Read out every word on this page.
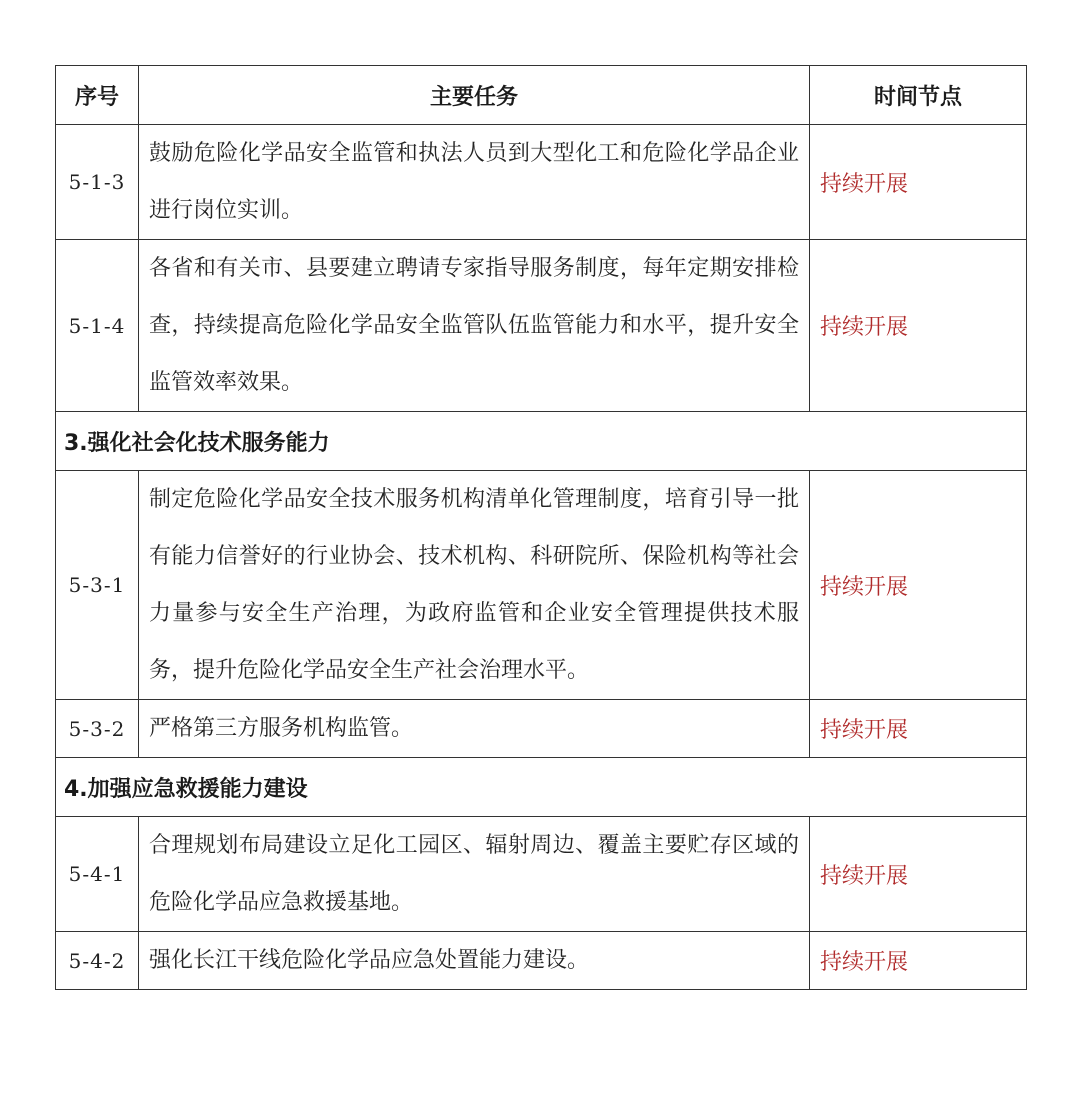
序号	主要任务	时间节点
5-1-3	鼓励危险化学品安全监管和执法人员到大型化工和危险化学品企业进行岗位实训。	持续开展
5-1-4	各省和有关市、县要建立聘请专家指导服务制度，每年定期安排检查，持续提高危险化学品安全监管队伍监管能力和水平，提升安全监管效率效果。	持续开展
3.强化社会化技术服务能力		
5-3-1	制定危险化学品安全技术服务机构清单化管理制度，培育引导一批有能力信誉好的行业协会、技术机构、科研院所、保险机构等社会力量参与安全生产治理，为政府监管和企业安全管理提供技术服务，提升危险化学品安全生产社会治理水平。	持续开展
5-3-2	严格第三方服务机构监管。	持续开展
4.加强应急救援能力建设		
5-4-1	合理规划布局建设立足化工园区、辐射周边、覆盖主要贮存区域的危险化学品应急救援基地。	持续开展
5-4-2	强化长江干线危险化学品应急处置能力建设。	持续开展
